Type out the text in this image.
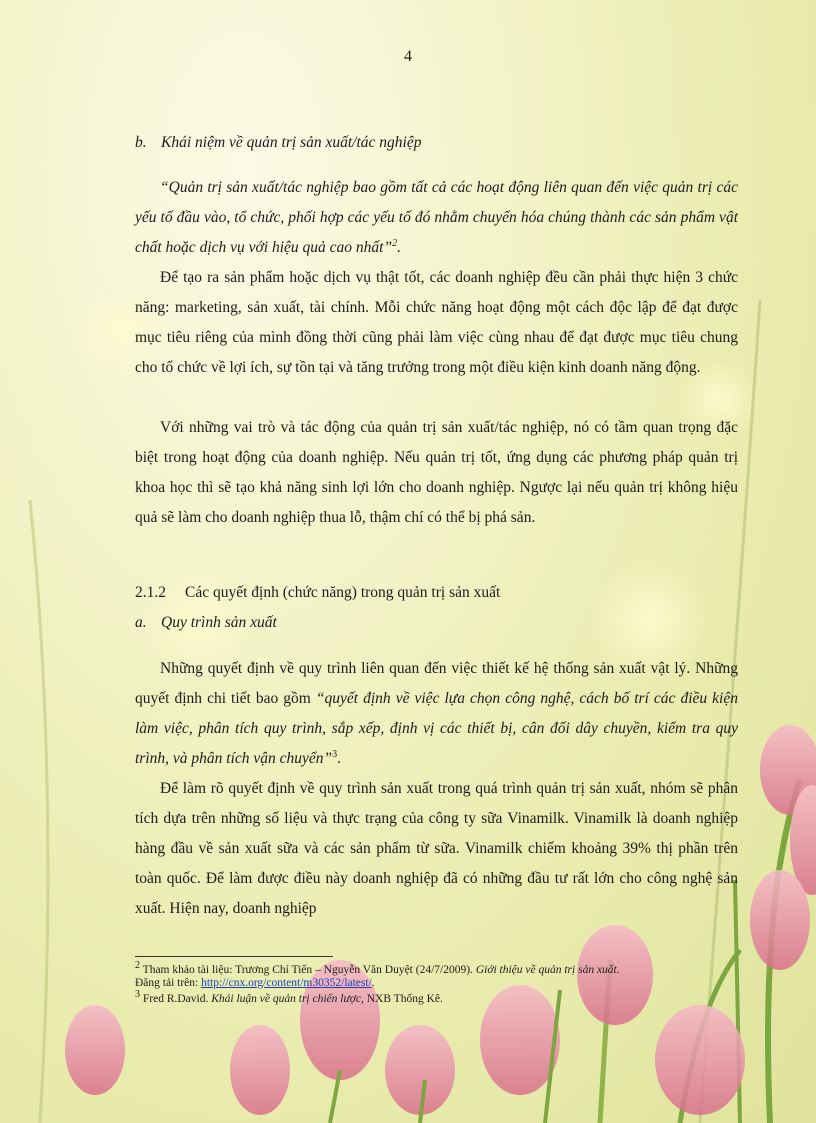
4
b. Khái niệm về quản trị sản xuất/tác nghiệp
“Quản trị sản xuất/tác nghiệp bao gồm tất cả các hoạt động liên quan đến việc quản trị các yếu tố đầu vào, tổ chức, phối hợp các yếu tố đó nhằm chuyển hóa chúng thành các sản phẩm vật chất hoặc dịch vụ với hiệu quả cao nhất”$^2$.
Để tạo ra sản phẩm hoặc dịch vụ thật tốt, các doanh nghiệp đều cần phải thực hiện 3 chức năng: marketing, sản xuất, tài chính. Mỗi chức năng hoạt động một cách độc lập để đạt được mục tiêu riêng của mình đồng thời cũng phải làm việc cùng nhau để đạt được mục tiêu chung cho tổ chức về lợi ích, sự tồn tại và tăng trưởng trong một điều kiện kinh doanh năng động.
Với những vai trò và tác động của quản trị sản xuất/tác nghiệp, nó có tầm quan trọng đặc biệt trong hoạt động của doanh nghiệp. Nếu quản trị tốt, ứng dụng các phương pháp quản trị khoa học thì sẽ tạo khả năng sinh lợi lớn cho doanh nghiệp. Ngược lại nếu quản trị không hiệu quả sẽ làm cho doanh nghiệp thua lỗ, thậm chí có thể bị phá sản.
2.1.2 Các quyết định (chức năng) trong quản trị sản xuất
a. Quy trình sản xuất
Những quyết định về quy trình liên quan đến việc thiết kế hệ thống sản xuất vật lý. Những quyết định chi tiết bao gồm “quyết định về việc lựa chọn công nghệ, cách bố trí các điều kiện làm việc, phân tích quy trình, sắp xếp, định vị các thiết bị, cân đối dây chuyền, kiểm tra quy trình, và phân tích vận chuyển”$^3$.
Để làm rõ quyết định về quy trình sản xuất trong quá trình quản trị sản xuất, nhóm sẽ phân tích dựa trên những số liệu và thực trạng của công ty sữa Vinamilk. Vinamilk là doanh nghiệp hàng đầu về sản xuất sữa và các sản phẩm từ sữa. Vinamilk chiếm khoảng 39% thị phần trên toàn quốc. Để làm được điều này doanh nghiệp đã có những đầu tư rất lớn cho công nghệ sản xuất. Hiện nay, doanh nghiệp
$^2$ Tham khảo tài liệu: Trương Chí Tiến – Nguyễn Văn Duyệt (24/7/2009). Giới thiệu về quản trị sản xuất.
Đăng tải trên: http://cnx.org/content/m30352/latest/.
$^3$ Fred R.David. Khái luận về quản trị chiến lược, NXB Thống Kê.
